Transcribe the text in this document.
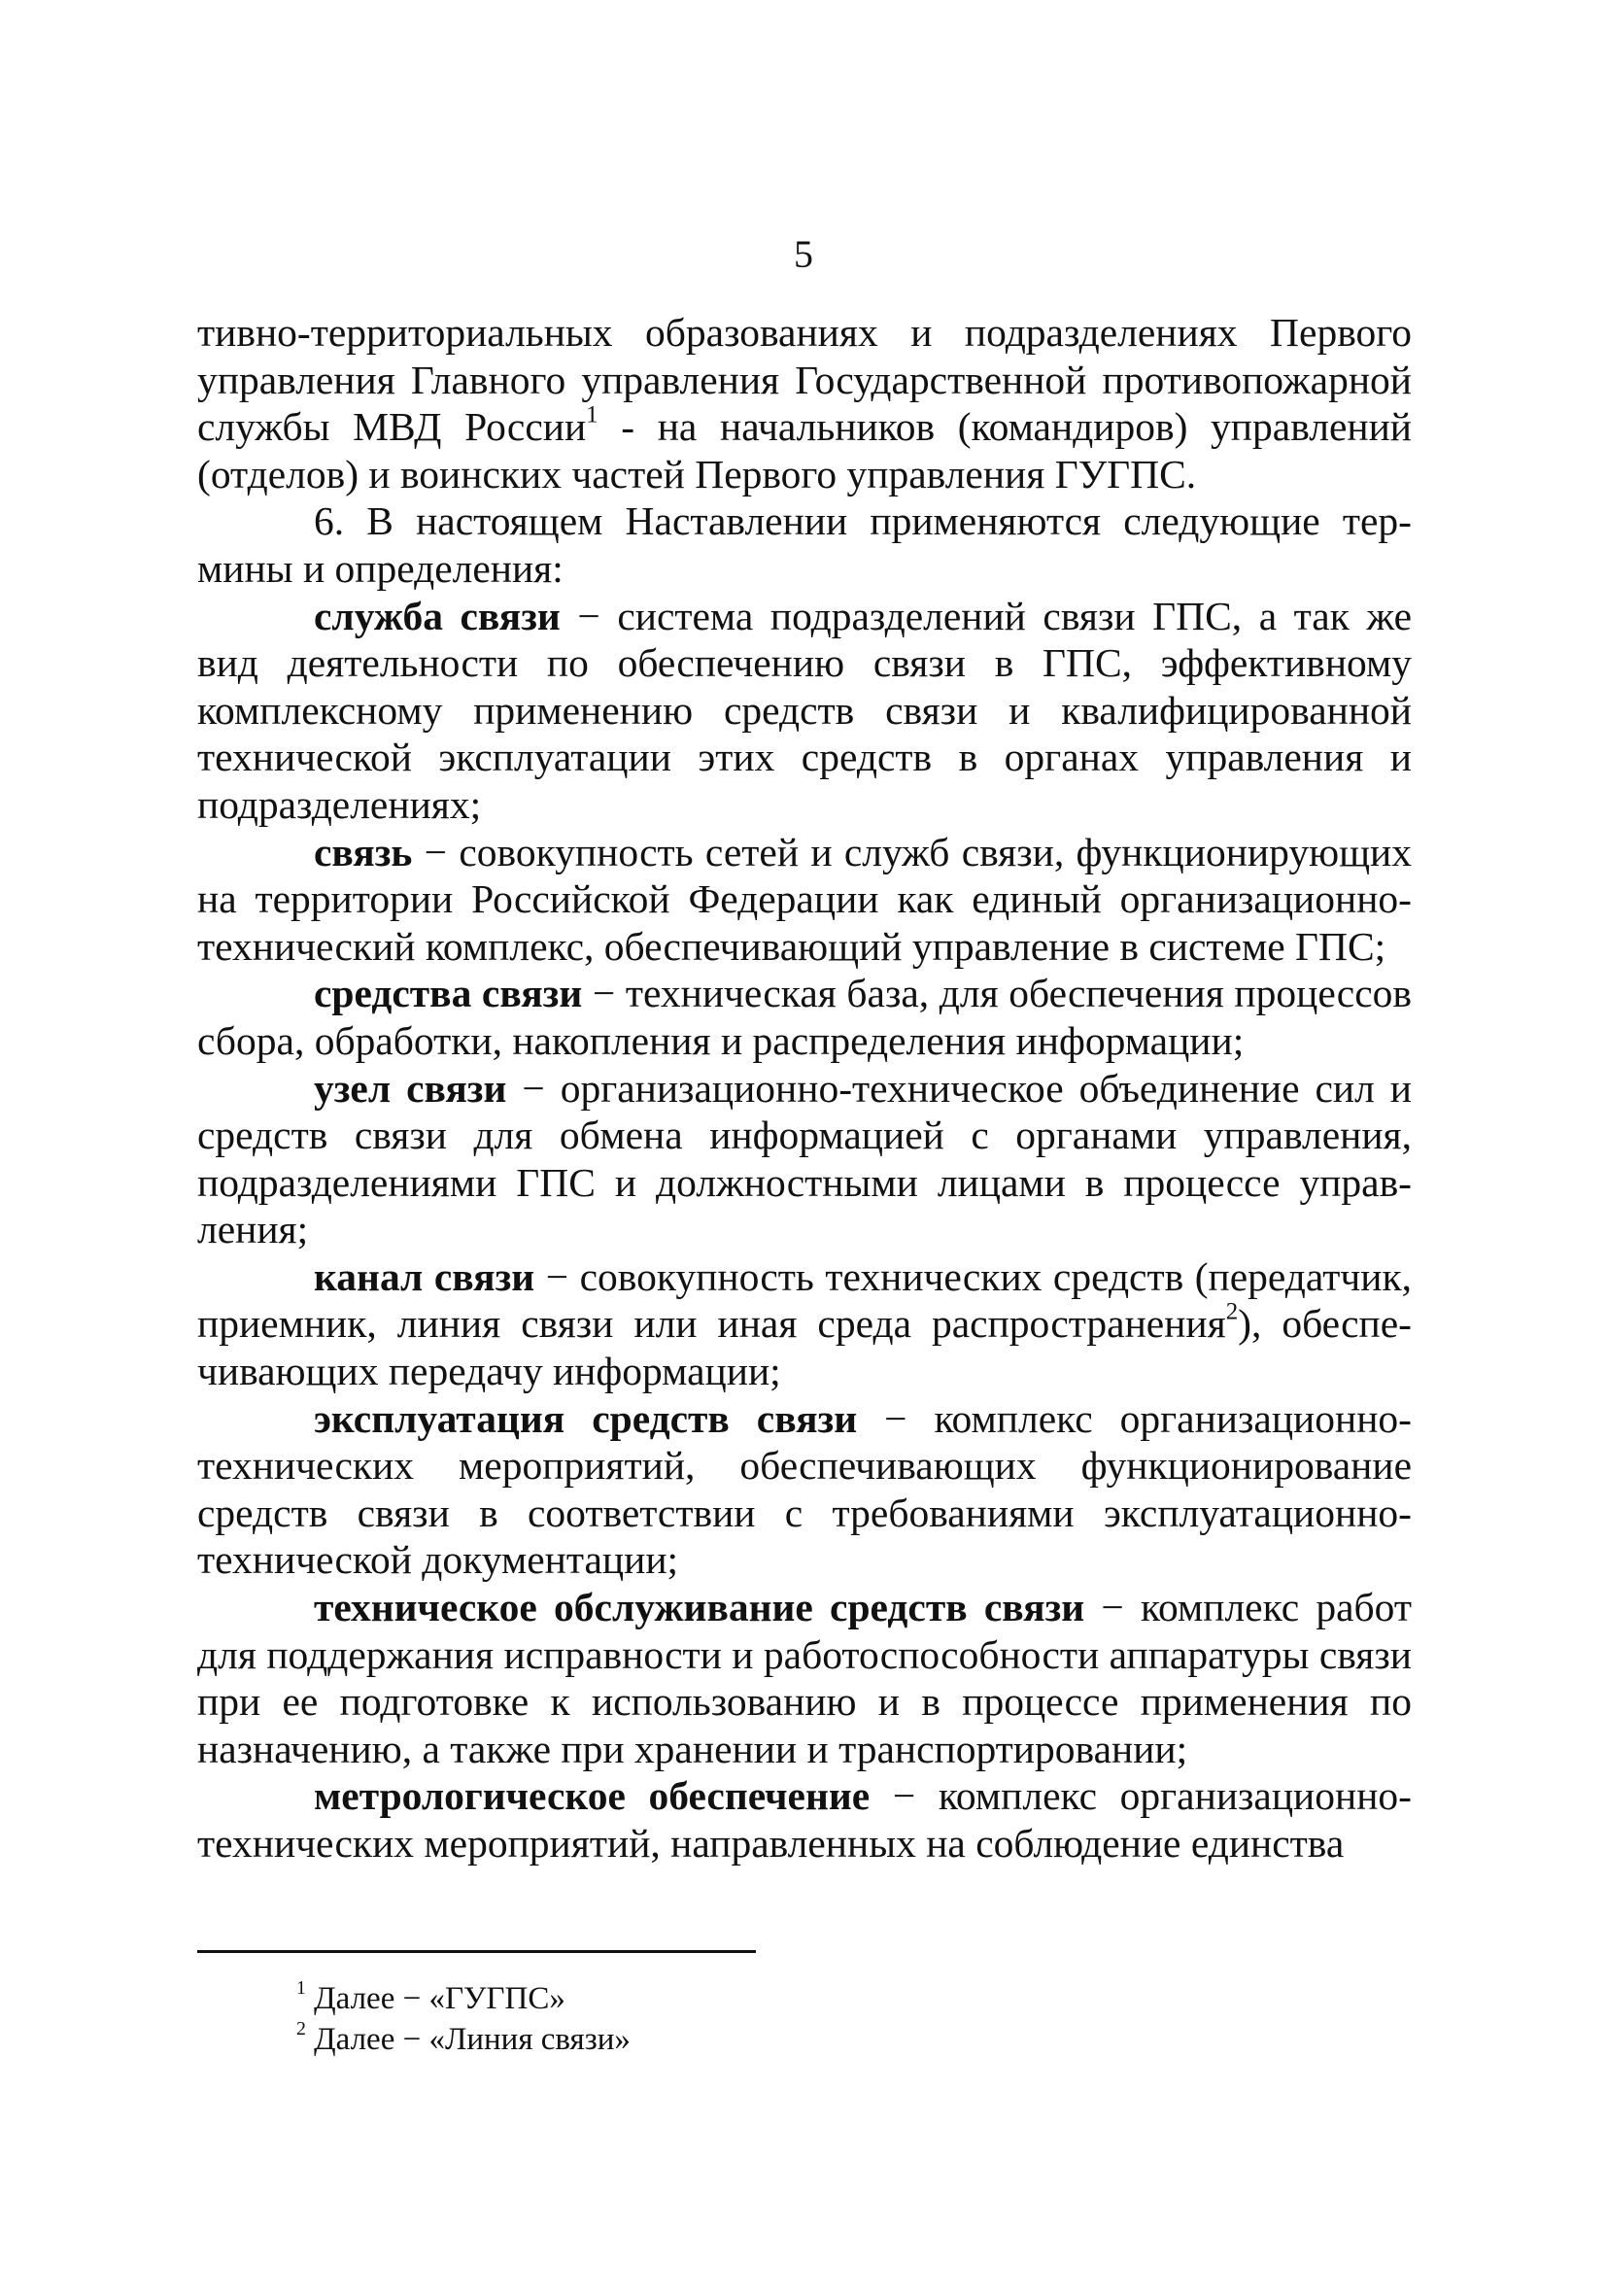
5

тивно-территориальных образованиях и подразделениях Первого управления Главного управления Государственной противопожарной службы МВД России$^1$ - на начальников (командиров) управлений (отделов) и воинских частей Первого управления ГУГПС.

6. В настоящем Наставлении применяются следующие термины и определения:

служба связи − система подразделений связи ГПС, а так же вид деятельности по обеспечению связи в ГПС, эффективному комплексному применению средств связи и квалифицированной технической эксплуатации этих средств в органах управления и подразделениях;

связь − совокупность сетей и служб связи, функционирующих на территории Российской Федерации как единый организационно-технический комплекс, обеспечивающий управление в системе ГПС;

средства связи − техническая база, для обеспечения процессов сбора, обработки, накопления и распределения информации;

узел связи − организационно-техническое объединение сил и средств связи для обмена информацией с органами управления, подразделениями ГПС и должностными лицами в процессе управления;

канал связи − совокупность технических средств (передатчик, приемник, линия связи или иная среда распространения$^2$), обеспечивающих передачу информации;

эксплуатация средств связи − комплекс организационно-технических мероприятий, обеспечивающих функционирование средств связи в соответствии с требованиями эксплуатационно-технической документации;

техническое обслуживание средств связи − комплекс работ для поддержания исправности и работоспособности аппаратуры связи при ее подготовке к использованию и в процессе применения по назначению, а также при хранении и транспортировании;

метрологическое обеспечение − комплекс организационно-технических мероприятий, направленных на соблюдение единства

$^1$ Далее − «ГУГПС»

$^2$ Далее − «Линия связи»
